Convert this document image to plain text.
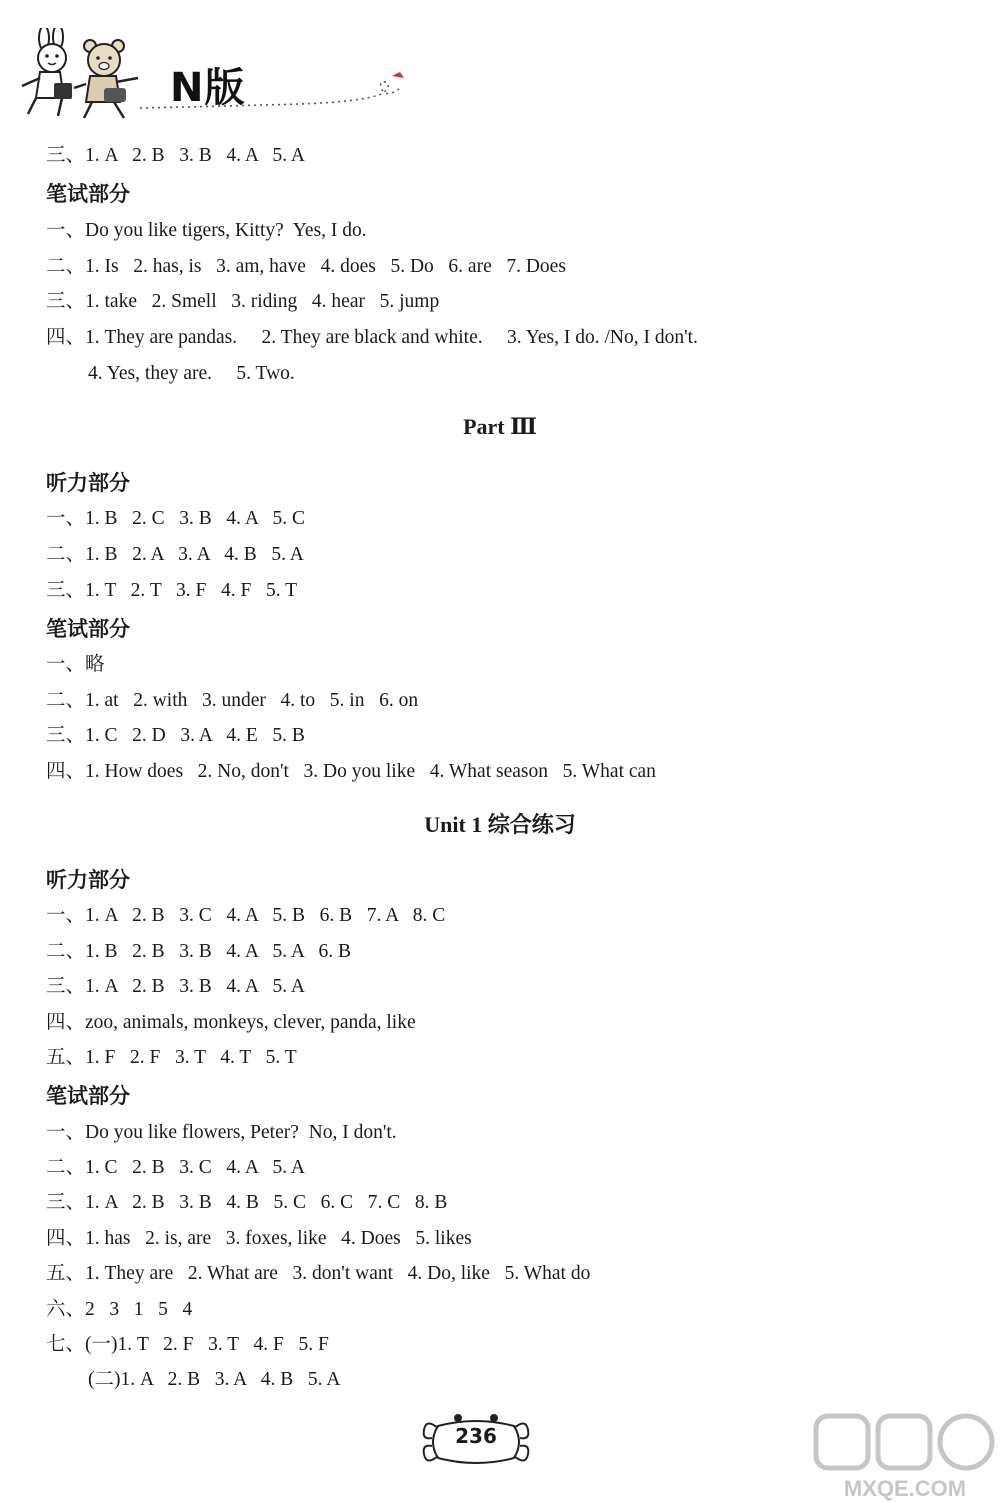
N版
三、1. A   2. B   3. B   4. A   5. A
笔试部分
一、Do you like tigers, Kitty?  Yes, I do.
二、1. Is   2. has, is   3. am, have   4. does   5. Do   6. are   7. Does
三、1. take   2. Smell   3. riding   4. hear   5. jump
四、1. They are pandas.     2. They are black and white.     3. Yes, I do. /No, I don't.
4. Yes, they are.     5. Two.
Part Ⅲ
听力部分
一、1. B   2. C   3. B   4. A   5. C
二、1. B   2. A   3. A   4. B   5. A
三、1. T   2. T   3. F   4. F   5. T
笔试部分
一、略
二、1. at   2. with   3. under   4. to   5. in   6. on
三、1. C   2. D   3. A   4. E   5. B
四、1. How does   2. No, don't   3. Do you like   4. What season   5. What can
Unit 1 综合练习
听力部分
一、1. A   2. B   3. C   4. A   5. B   6. B   7. A   8. C
二、1. B   2. B   3. B   4. A   5. A   6. B
三、1. A   2. B   3. B   4. A   5. A
四、zoo, animals, monkeys, clever, panda, like
五、1. F   2. F   3. T   4. T   5. T
笔试部分
一、Do you like flowers, Peter?  No, I don't.
二、1. C   2. B   3. C   4. A   5. A
三、1. A   2. B   3. B   4. B   5. C   6. C   7. C   8. B
四、1. has   2. is, are   3. foxes, like   4. Does   5. likes
五、1. They are   2. What are   3. don't want   4. Do, like   5. What do
六、2   3   1   5   4
七、(一)1. T   2. F   3. T   4. F   5. F
(二)1. A   2. B   3. A   4. B   5. A
236
MXQE.COM
